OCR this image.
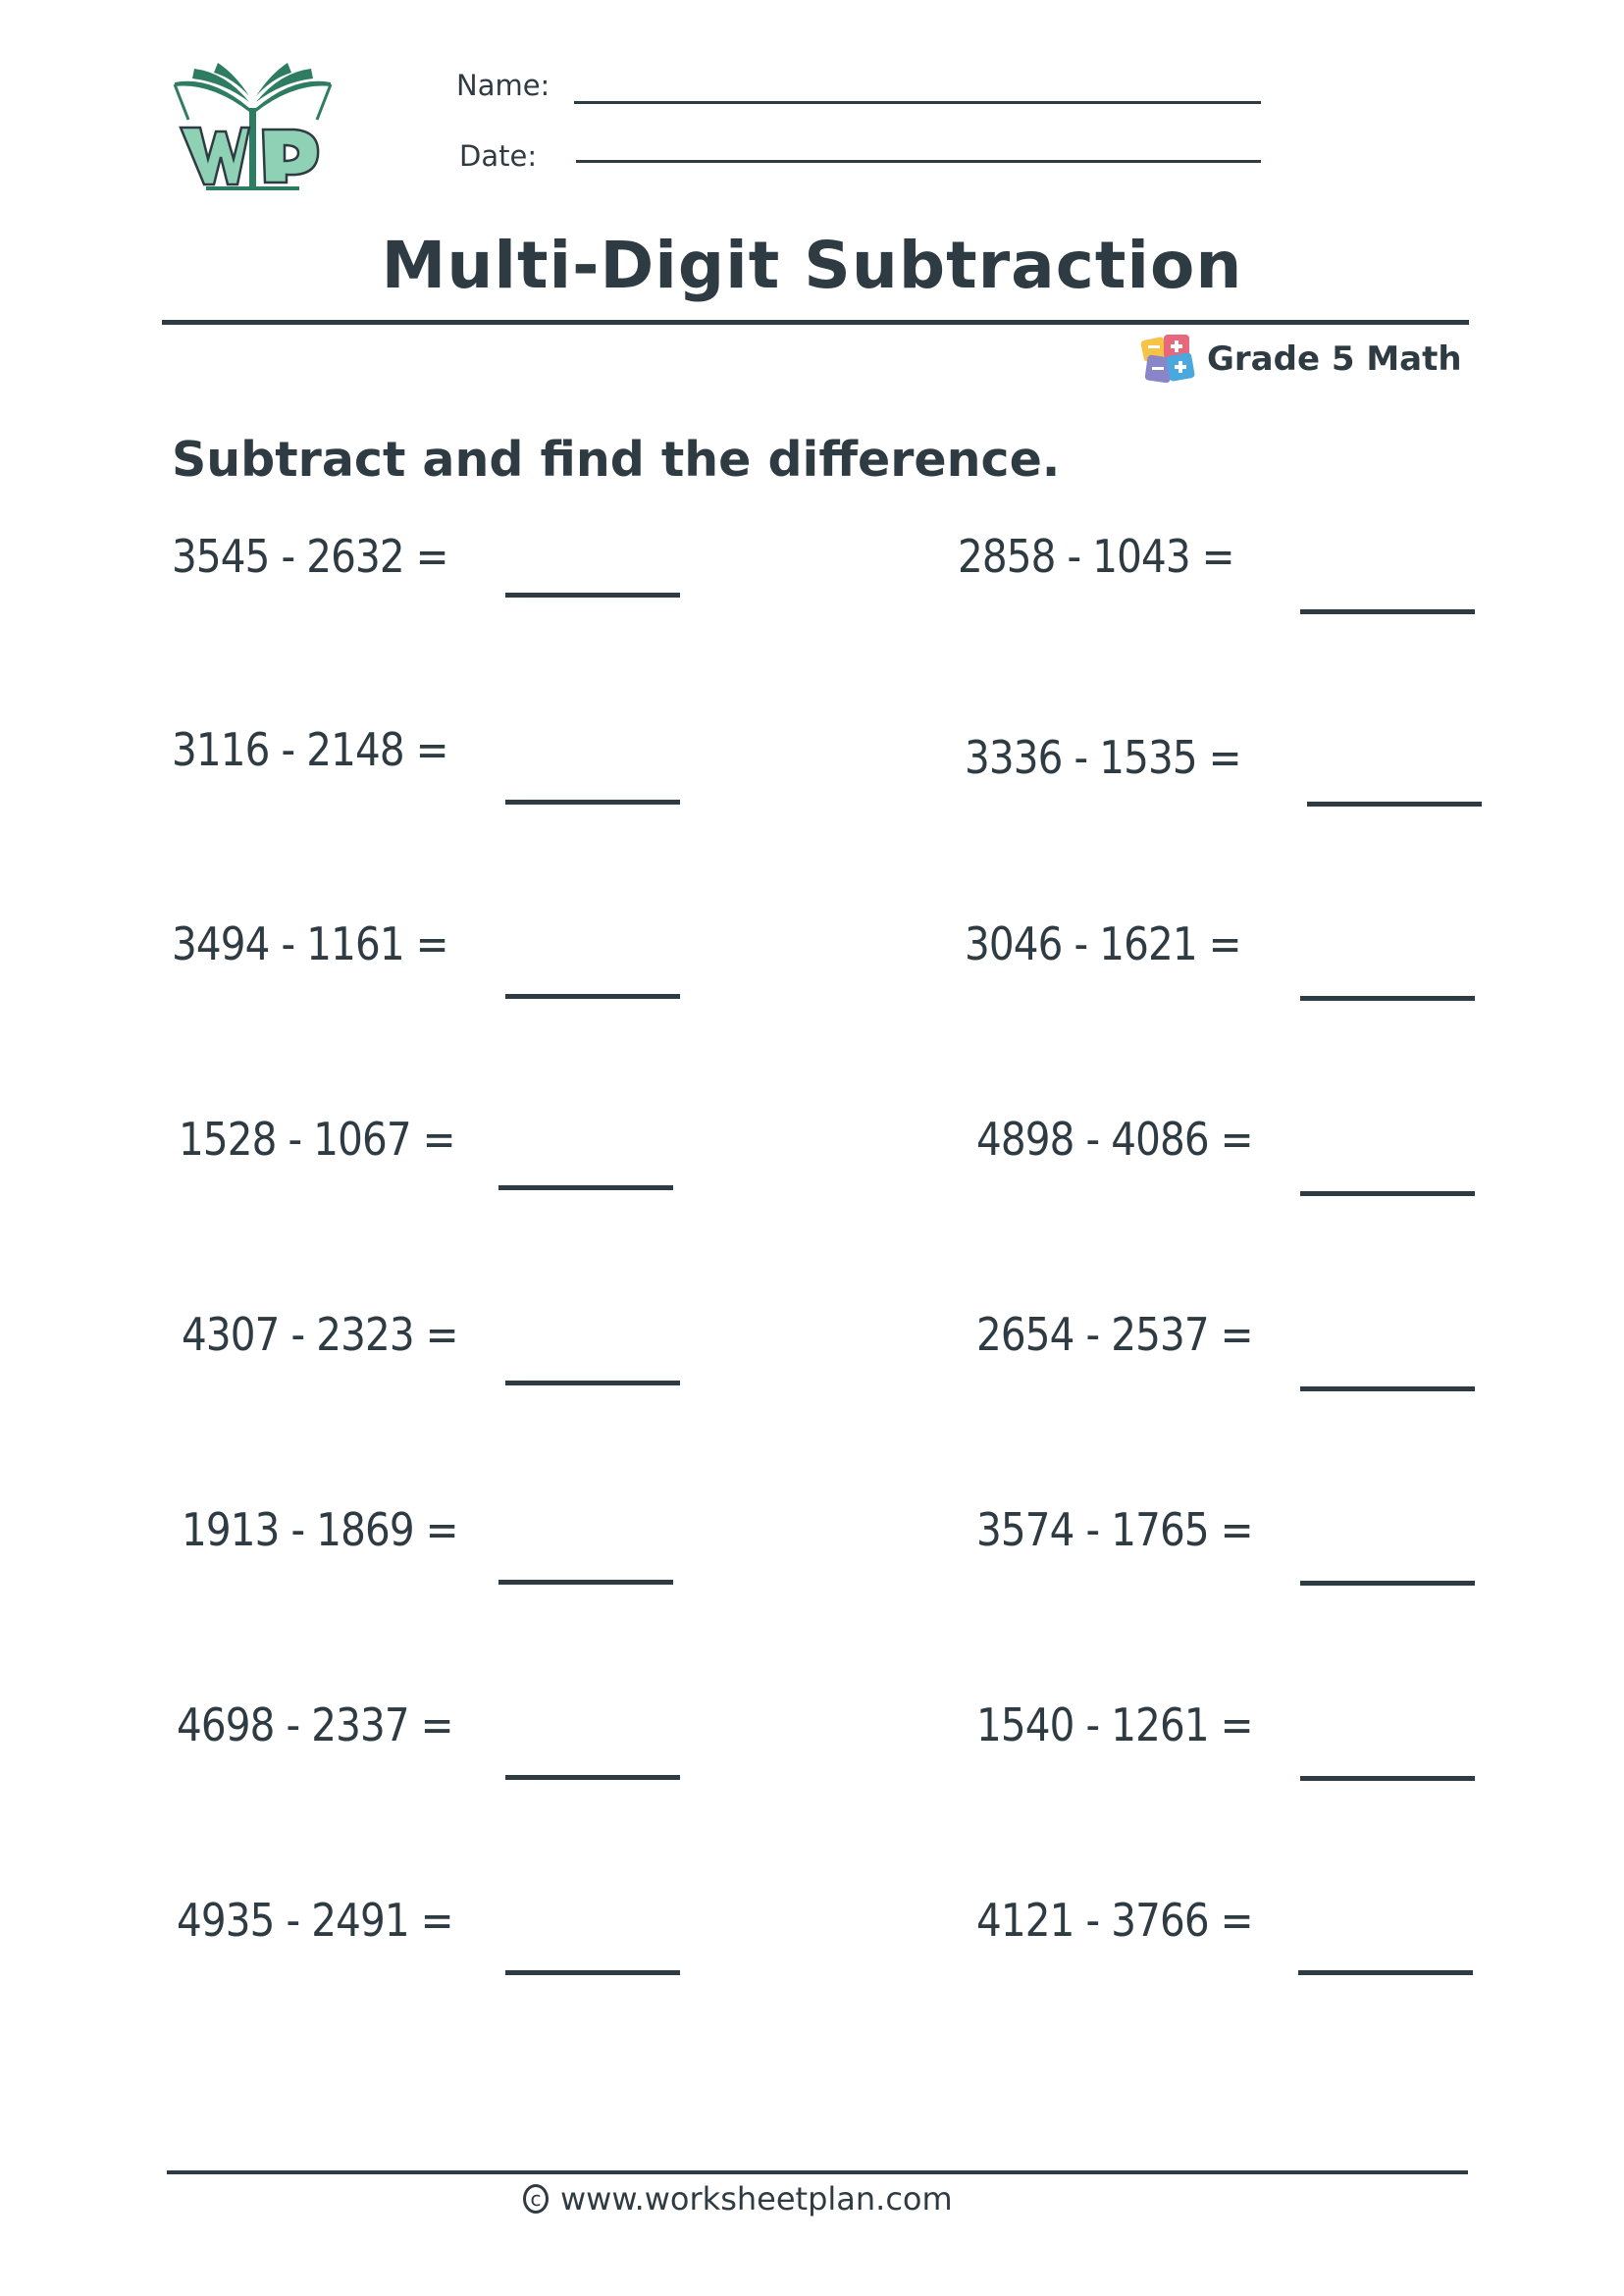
Name:
Date:
Multi-Digit Subtraction
Grade 5 Math
Subtract and find the difference.
3545 - 2632 =
3116 - 2148 =
3494 - 1161 =
1528 - 1067 =
4307 - 2323 =
1913 - 1869 =
4698 - 2337 =
4935 - 2491 =
2858 - 1043 =
3336 - 1535 =
3046 - 1621 =
4898 - 4086 =
2654 - 2537 =
3574 - 1765 =
1540 - 1261 =
4121 - 3766 =
c www.worksheetplan.com
